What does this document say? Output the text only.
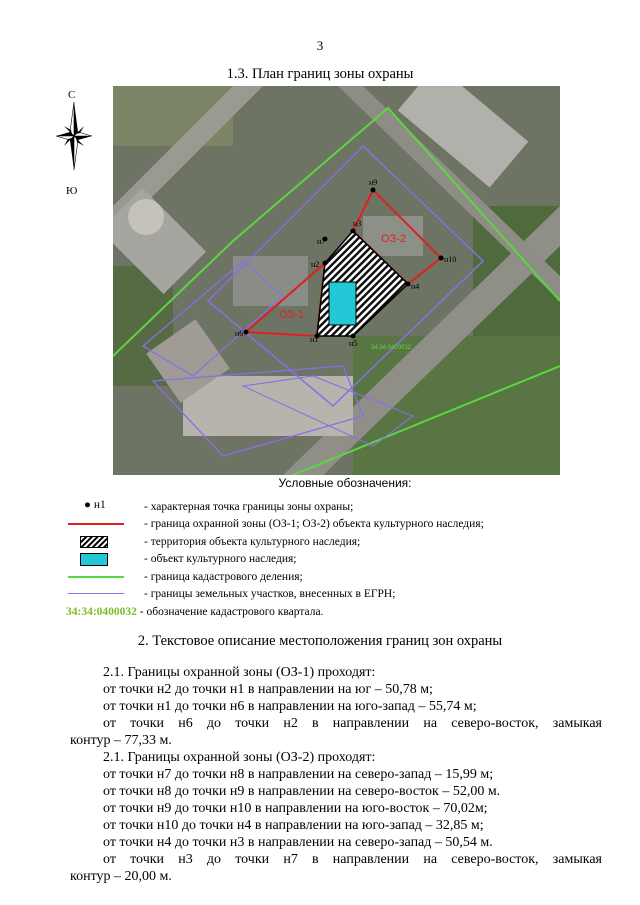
3
1.3. План границ зоны охраны
С
Ю
н1
н2
н3
н4
н5
н6
н7
н9
н10
ОЗ-1
ОЗ-2
34:34:0400032
Условные обозначения:
● н1	- характерная точка границы зоны охраны;
- граница охранной зоны (ОЗ-1; ОЗ-2) объекта культурного наследия;
- территория объекта культурного наследия;
- объект культурного наследия;
- граница кадастрового деления;
- границы земельных участков, внесенных в ЕГРН;
34:34:0400032 - обозначение кадастрового квартала.
2. Текстовое описание местоположения границ зон охраны
2.1. Границы охранной зоны (ОЗ-1) проходят:
от точки н2 до точки н1 в направлении на юг – 50,78 м;
от точки н1 до точки н6 в направлении на юго-запад – 55,74 м;
от точки н6 до точки н2 в направлении на северо-восток, замыкая
контур – 77,33 м.
2.1. Границы охранной зоны (ОЗ-2) проходят:
от точки н7 до точки н8 в направлении на северо-запад – 15,99 м;
от точки н8 до точки н9 в направлении на северо-восток – 52,00 м.
от точки н9 до точки н10 в направлении на юго-восток – 70,02м;
от точки н10 до точки н4 в направлении на юго-запад – 32,85 м;
от точки н4 до точки н3 в направлении на северо-запад – 50,54 м.
от точки н3 до точки н7 в направлении на северо-восток, замыкая
контур – 20,00 м.
